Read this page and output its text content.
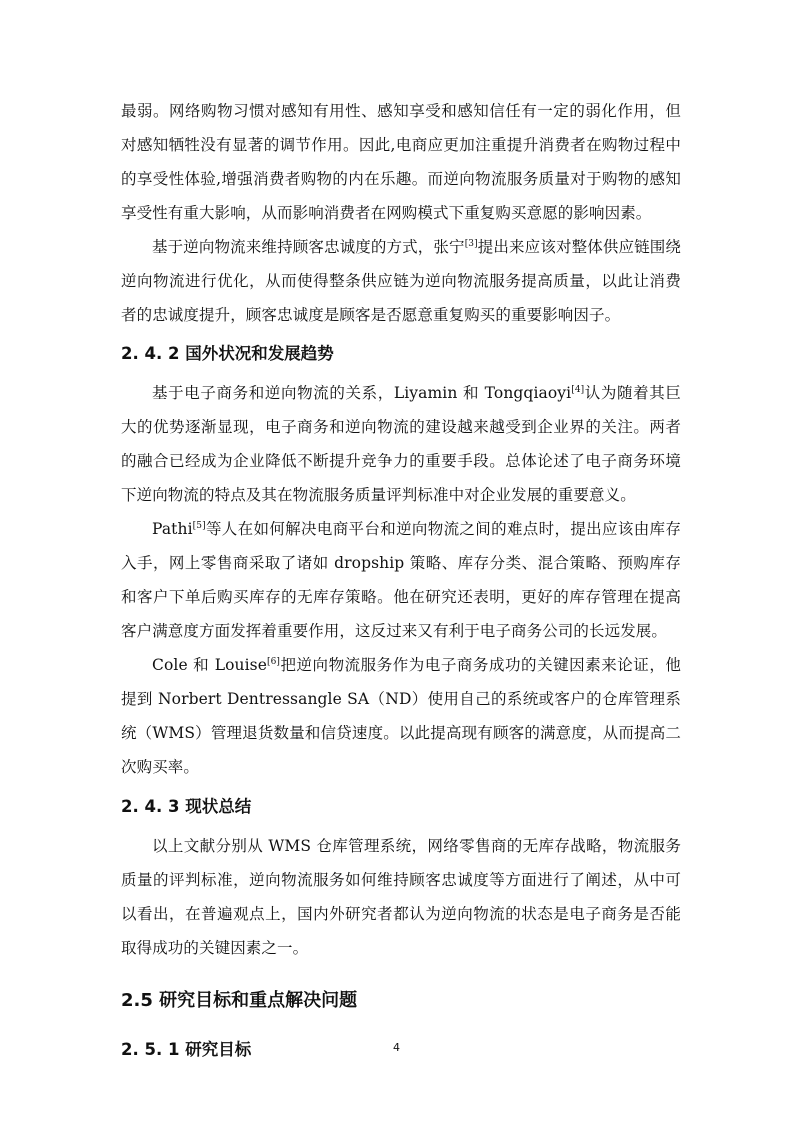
最弱。网络购物习惯对感知有用性、感知享受和感知信任有一定的弱化作用，但对感知牺牲没有显著的调节作用。因此,电商应更加注重提升消费者在购物过程中的享受性体验,增强消费者购物的内在乐趣。而逆向物流服务质量对于购物的感知享受性有重大影响，从而影响消费者在网购模式下重复购买意愿的影响因素。

基于逆向物流来维持顾客忠诚度的方式，张宁[3]提出来应该对整体供应链围绕逆向物流进行优化，从而使得整条供应链为逆向物流服务提高质量，以此让消费者的忠诚度提升，顾客忠诚度是顾客是否愿意重复购买的重要影响因子。

2. 4. 2 国外状况和发展趋势

基于电子商务和逆向物流的关系，Liyamin 和 Tongqiaoyi[4]认为随着其巨大的优势逐渐显现，电子商务和逆向物流的建设越来越受到企业界的关注。两者的融合已经成为企业降低不断提升竞争力的重要手段。总体论述了电子商务环境下逆向物流的特点及其在物流服务质量评判标准中对企业发展的重要意义。

Pathi[5]等人在如何解决电商平台和逆向物流之间的难点时，提出应该由库存入手，网上零售商采取了诸如 dropship 策略、库存分类、混合策略、预购库存和客户下单后购买库存的无库存策略。他在研究还表明，更好的库存管理在提高客户满意度方面发挥着重要作用，这反过来又有利于电子商务公司的长远发展。

Cole 和 Louise[6]把逆向物流服务作为电子商务成功的关键因素来论证，他提到 Norbert Dentressangle SA（ND）使用自己的系统或客户的仓库管理系统（WMS）管理退货数量和信贷速度。以此提高现有顾客的满意度，从而提高二次购买率。

2. 4. 3 现状总结

以上文献分别从 WMS 仓库管理系统，网络零售商的无库存战略，物流服务质量的评判标准，逆向物流服务如何维持顾客忠诚度等方面进行了阐述，从中可以看出，在普遍观点上，国内外研究者都认为逆向物流的状态是电子商务是否能取得成功的关键因素之一。

2.5 研究目标和重点解决问题
2. 5. 1 研究目标	4
